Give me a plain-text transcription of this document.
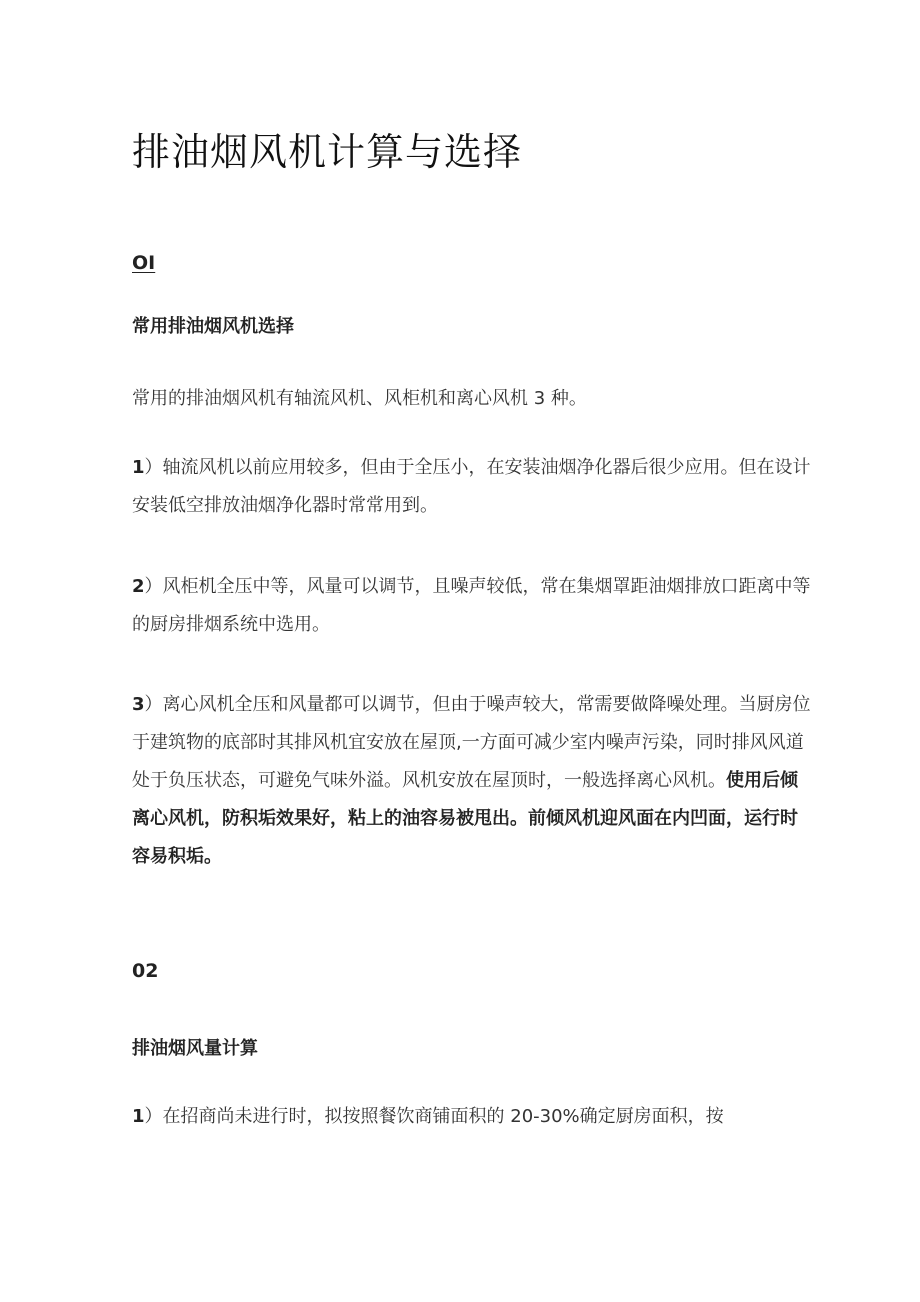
排油烟风机计算与选择

OI

常用排油烟风机选择

常用的排油烟风机有轴流风机、风柜机和离心风机 3 种。

1）轴流风机以前应用较多，但由于全压小，在安装油烟净化器后很少应用。但在设计安装低空排放油烟净化器时常常用到。

2）风柜机全压中等，风量可以调节，且噪声较低，常在集烟罩距油烟排放口距离中等的厨房排烟系统中选用。

3）离心风机全压和风量都可以调节，但由于噪声较大，常需要做降噪处理。当厨房位于建筑物的底部时其排风机宜安放在屋顶,一方面可减少室内噪声污染，同时排风风道处于负压状态，可避免气味外溢。风机安放在屋顶时，一般选择离心风机。使用后倾离心风机，防积垢效果好，粘上的油容易被甩出。前倾风机迎风面在内凹面，运行时容易积垢。

02

排油烟风量计算

1）在招商尚未进行时，拟按照餐饮商铺面积的 20-30%确定厨房面积，按
